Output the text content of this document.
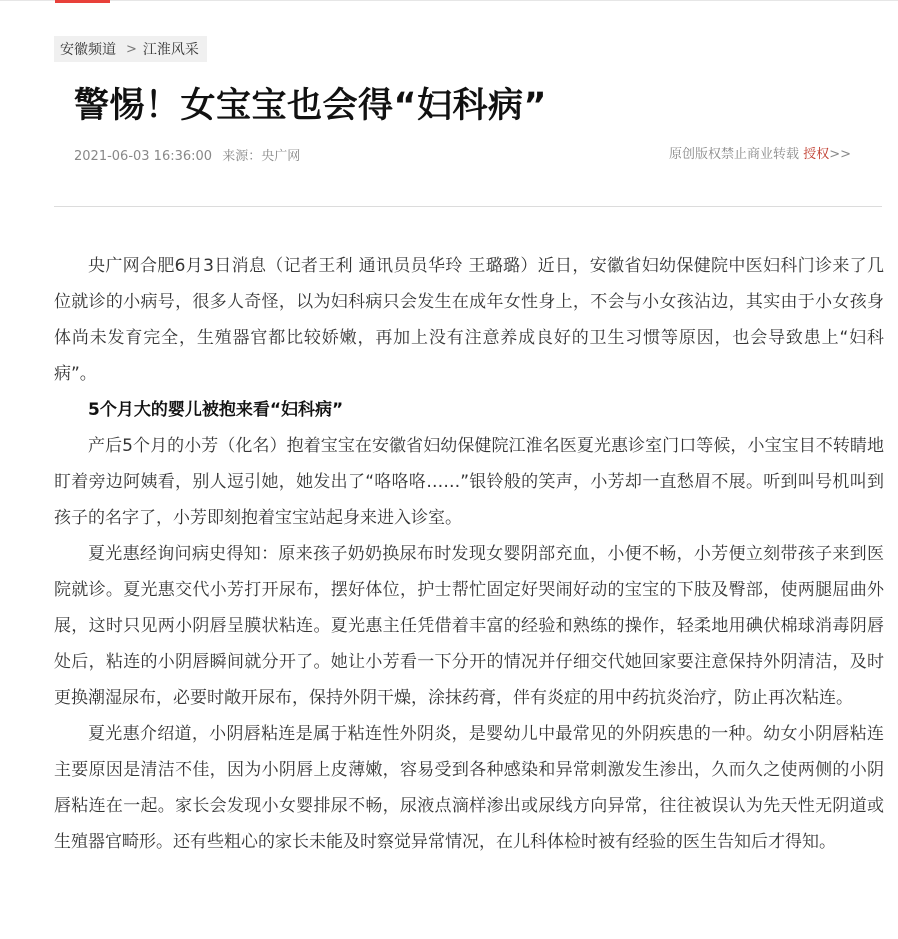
安徽频道 > 江淮风采
警惕！女宝宝也会得“妇科病”
2021-06-03 16:36:00 来源：央广网	原创版权禁止商业转载 授权>>

央广网合肥6月3日消息（记者王利 通讯员员华玲 王璐璐）近日，安徽省妇幼保健院中医妇科门诊来了几位就诊的小病号，很多人奇怪，以为妇科病只会发生在成年女性身上，不会与小女孩沾边，其实由于小女孩身体尚未发育完全，生殖器官都比较娇嫩，再加上没有注意养成良好的卫生习惯等原因，也会导致患上“妇科病”。

5个月大的婴儿被抱来看“妇科病”

产后5个月的小芳（化名）抱着宝宝在安徽省妇幼保健院江淮名医夏光惠诊室门口等候，小宝宝目不转睛地盯着旁边阿姨看，别人逗引她，她发出了“咯咯咯……”银铃般的笑声，小芳却一直愁眉不展。听到叫号机叫到孩子的名字了，小芳即刻抱着宝宝站起身来进入诊室。

夏光惠经询问病史得知：原来孩子奶奶换尿布时发现女婴阴部充血，小便不畅，小芳便立刻带孩子来到医院就诊。夏光惠交代小芳打开尿布，摆好体位，护士帮忙固定好哭闹好动的宝宝的下肢及臀部，使两腿屈曲外展，这时只见两小阴唇呈膜状粘连。夏光惠主任凭借着丰富的经验和熟练的操作，轻柔地用碘伏棉球消毒阴唇处后，粘连的小阴唇瞬间就分开了。她让小芳看一下分开的情况并仔细交代她回家要注意保持外阴清洁，及时更换潮湿尿布，必要时敞开尿布，保持外阴干燥，涂抹药膏，伴有炎症的用中药抗炎治疗，防止再次粘连。

夏光惠介绍道，小阴唇粘连是属于粘连性外阴炎，是婴幼儿中最常见的外阴疾患的一种。幼女小阴唇粘连主要原因是清洁不佳，因为小阴唇上皮薄嫩，容易受到各种感染和异常刺激发生渗出，久而久之使两侧的小阴唇粘连在一起。家长会发现小女婴排尿不畅，尿液点滴样渗出或尿线方向异常，往往被误认为先天性无阴道或生殖器官畸形。还有些粗心的家长未能及时察觉异常情况，在儿科体检时被有经验的医生告知后才得知。
